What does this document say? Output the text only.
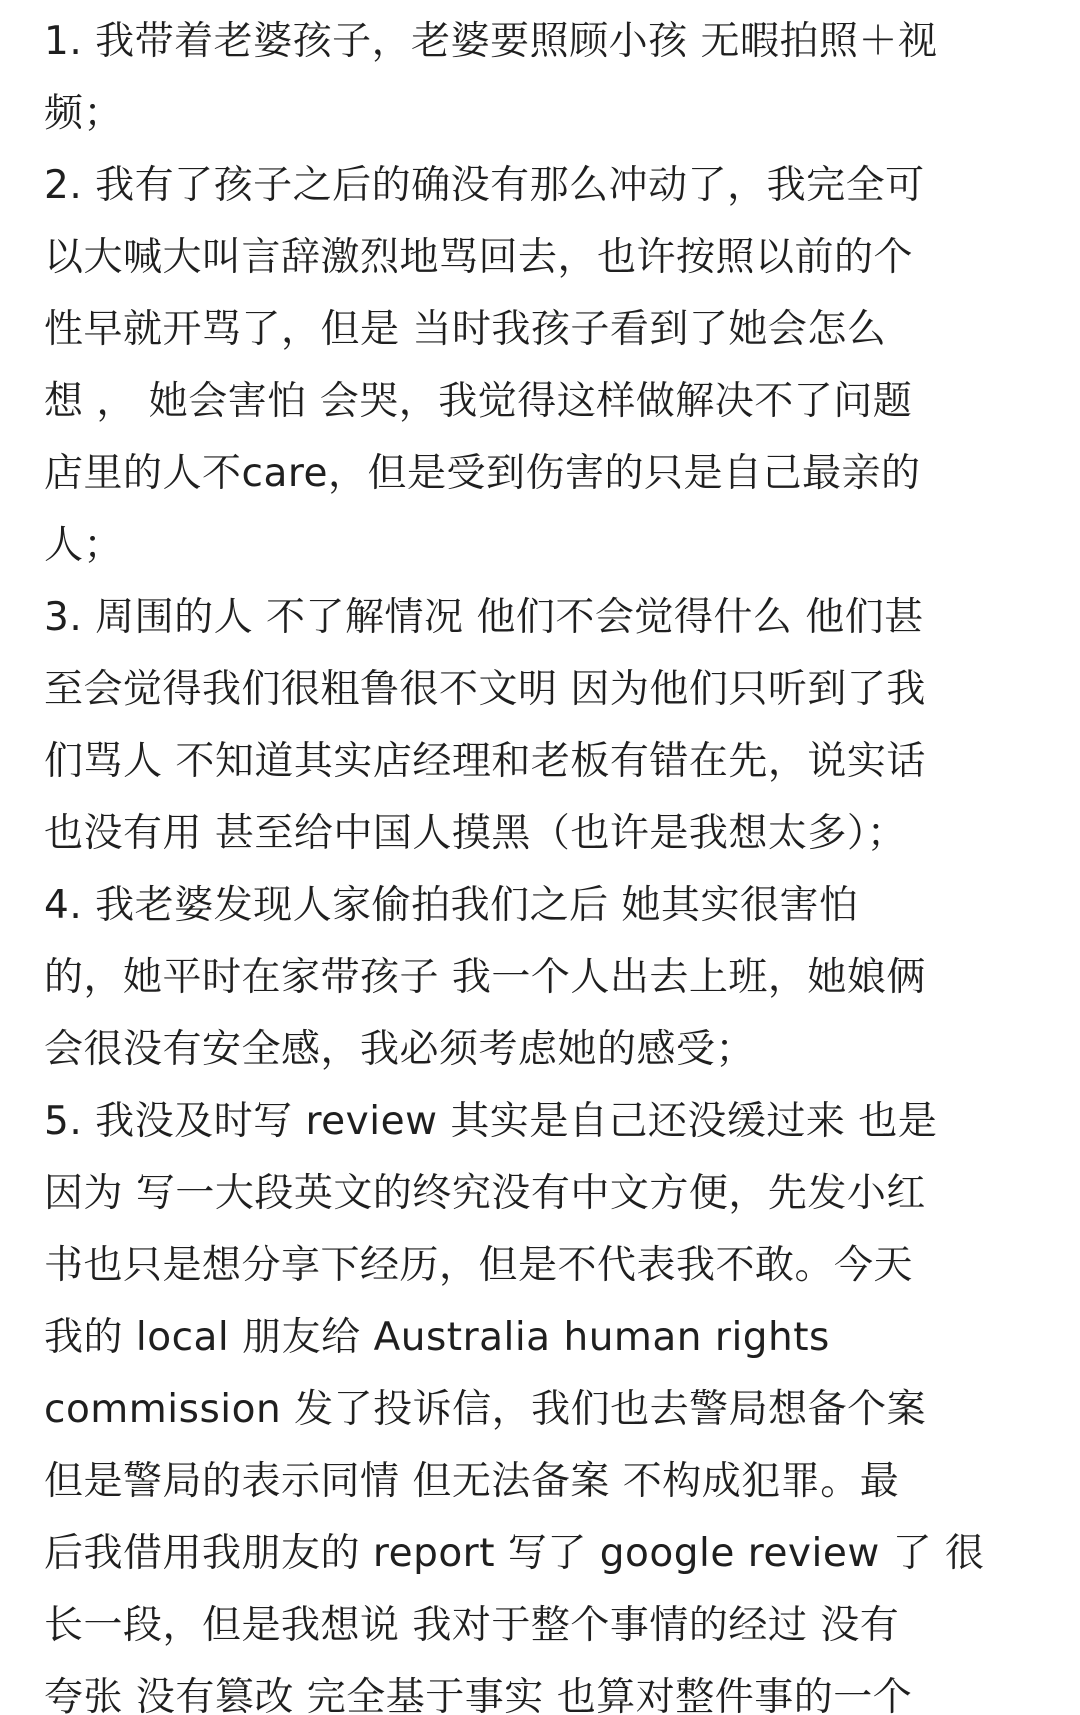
1. 我带着老婆孩子，老婆要照顾小孩 无暇拍照＋视
频；
2. 我有了孩子之后的确没有那么冲动了，我完全可
以大喊大叫言辞激烈地骂回去，也许按照以前的个
性早就开骂了，但是 当时我孩子看到了她会怎么
想 ， 她会害怕 会哭，我觉得这样做解决不了问题
店里的人不care，但是受到伤害的只是自己最亲的
人；
3. 周围的人 不了解情况 他们不会觉得什么 他们甚
至会觉得我们很粗鲁很不文明 因为他们只听到了我
们骂人 不知道其实店经理和老板有错在先，说实话
也没有用 甚至给中国人摸黑（也许是我想太多）；
4. 我老婆发现人家偷拍我们之后 她其实很害怕
的，她平时在家带孩子 我一个人出去上班，她娘俩
会很没有安全感，我必须考虑她的感受；
5. 我没及时写 review 其实是自己还没缓过来 也是
因为 写一大段英文的终究没有中文方便，先发小红
书也只是想分享下经历，但是不代表我不敢。今天
我的 local 朋友给 Australia human rights
commission 发了投诉信，我们也去警局想备个案
但是警局的表示同情 但无法备案 不构成犯罪。最
后我借用我朋友的 report 写了 google review 了 很
长一段，但是我想说 我对于整个事情的经过 没有
夸张 没有篡改 完全基于事实 也算对整件事的一个
